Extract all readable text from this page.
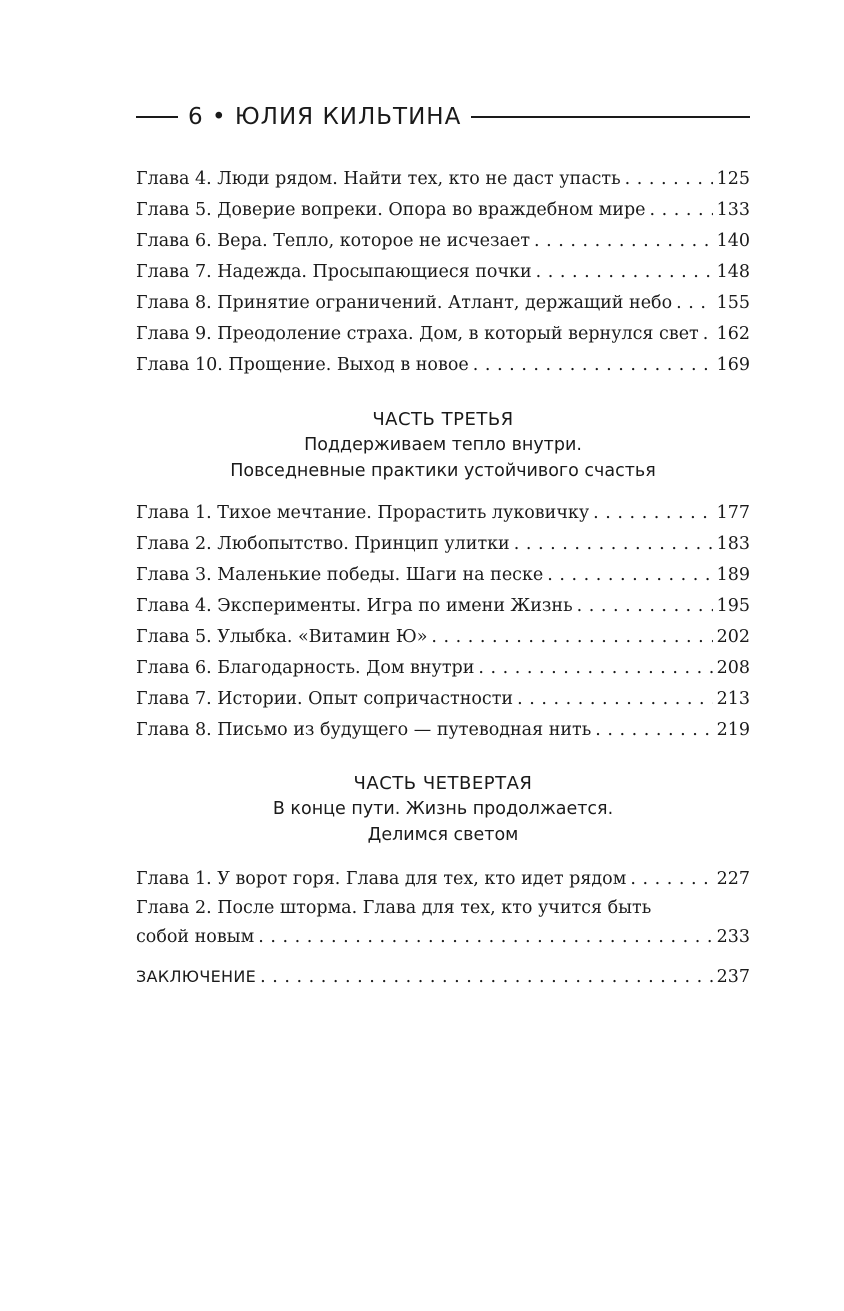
6 • ЮЛИЯ КИЛЬТИНА
Глава 4. Люди рядом. Найти тех, кто не даст упасть . . .	125
Глава 5. Доверие вопреки. Опора во враждебном мире . . .	133
Глава 6. Вера. Тепло, которое не исчезает . . .	140
Глава 7. Надежда. Просыпающиеся почки . . .	148
Глава 8. Принятие ограничений. Атлант, держащий небо . . .	155
Глава 9. Преодоление страха. Дом, в который вернулся свет . . . 162
Глава 10. Прощение. Выход в новое . . .	169
ЧАСТЬ ТРЕТЬЯ
Поддерживаем тепло внутри.
Повседневные практики устойчивого счастья
Глава 1. Тихое мечтание. Прорастить луковичку . . .	177
Глава 2. Любопытство. Принцип улитки . . .	183
Глава 3. Маленькие победы. Шаги на песке . . .	189
Глава 4. Эксперименты. Игра по имени Жизнь . . .	195
Глава 5. Улыбка. «Витамин Ю» . . .	202
Глава 6. Благодарность. Дом внутри . . .	208
Глава 7. Истории. Опыт сопричастности . . .	213
Глава 8. Письмо из будущего — путеводная нить . . .	219
ЧАСТЬ ЧЕТВЕРТАЯ
В конце пути. Жизнь продолжается.
Делимся светом
Глава 1. У ворот горя. Глава для тех, кто идет рядом . . .	227
Глава 2. После шторма. Глава для тех, кто учится быть
собой новым . . .	233
ЗАКЛЮЧЕНИЕ . . .	237
